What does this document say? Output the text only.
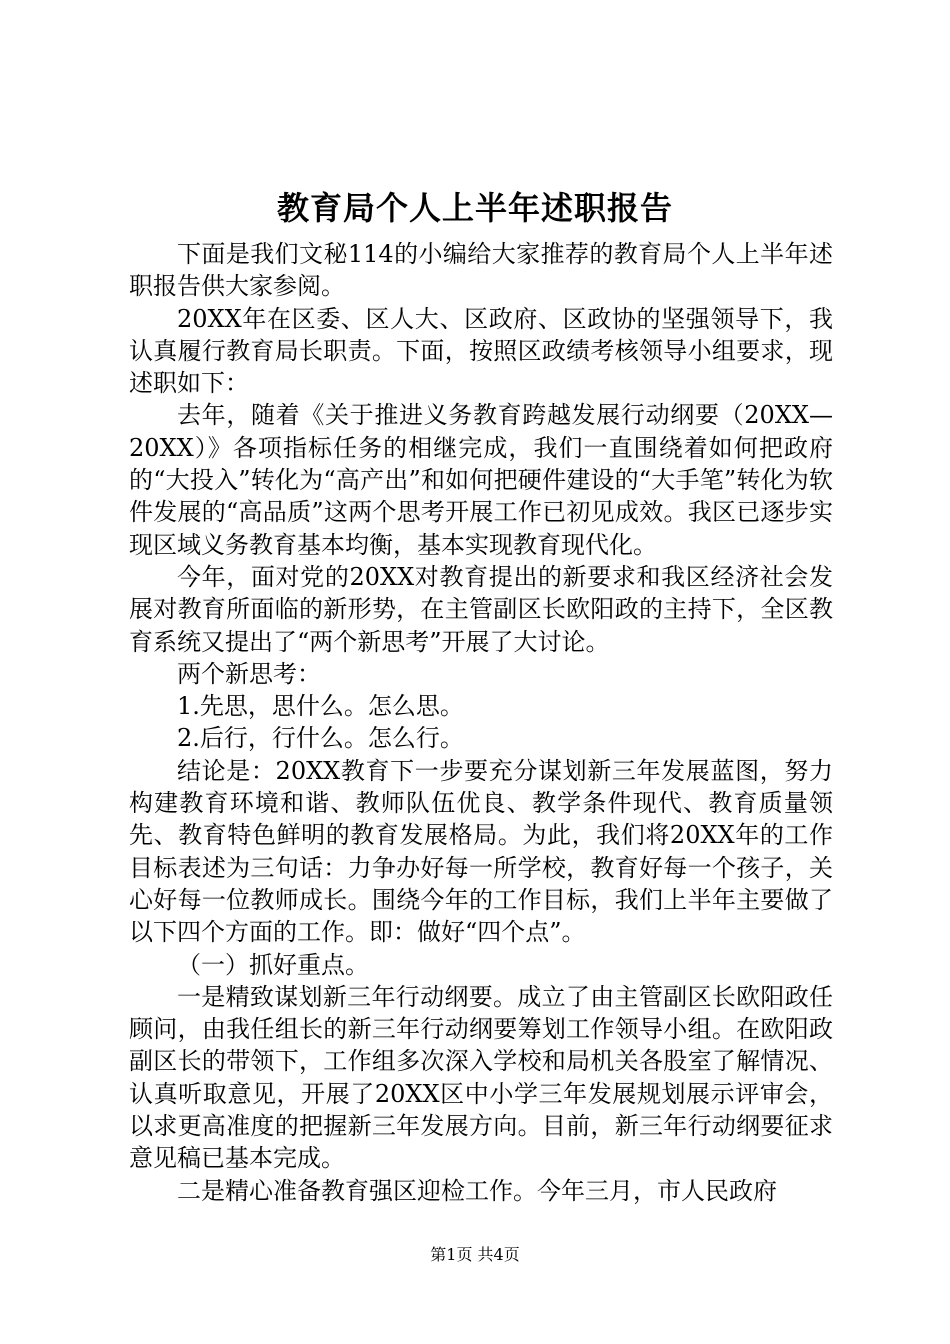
教育局个人上半年述职报告

下面是我们文秘114的小编给大家推荐的教育局个人上半年述职报告供大家参阅。

20XX年在区委、区人大、区政府、区政协的坚强领导下，我认真履行教育局长职责。下面，按照区政绩考核领导小组要求，现述职如下：

去年，随着《关于推进义务教育跨越发展行动纲要（20XX—20XX）》各项指标任务的相继完成，我们一直围绕着如何把政府的“大投入”转化为“高产出”和如何把硬件建设的“大手笔”转化为软件发展的“高品质”这两个思考开展工作已初见成效。我区已逐步实现区域义务教育基本均衡，基本实现教育现代化。

今年，面对党的20XX对教育提出的新要求和我区经济社会发展对教育所面临的新形势，在主管副区长欧阳政的主持下，全区教育系统又提出了“两个新思考”开展了大讨论。

两个新思考：

1.先思，思什么。怎么思。

2.后行，行什么。怎么行。

结论是：20XX教育下一步要充分谋划新三年发展蓝图，努力构建教育环境和谐、教师队伍优良、教学条件现代、教育质量领先、教育特色鲜明的教育发展格局。为此，我们将20XX年的工作目标表述为三句话：力争办好每一所学校，教育好每一个孩子，关心好每一位教师成长。围绕今年的工作目标，我们上半年主要做了以下四个方面的工作。即：做好“四个点”。

（一）抓好重点。

一是精致谋划新三年行动纲要。成立了由主管副区长欧阳政任顾问，由我任组长的新三年行动纲要筹划工作领导小组。在欧阳政副区长的带领下，工作组多次深入学校和局机关各股室了解情况、认真听取意见，开展了20XX区中小学三年发展规划展示评审会，以求更高准度的把握新三年发展方向。目前，新三年行动纲要征求意见稿已基本完成。

二是精心准备教育强区迎检工作。今年三月，市人民政府

第1页 共4页
